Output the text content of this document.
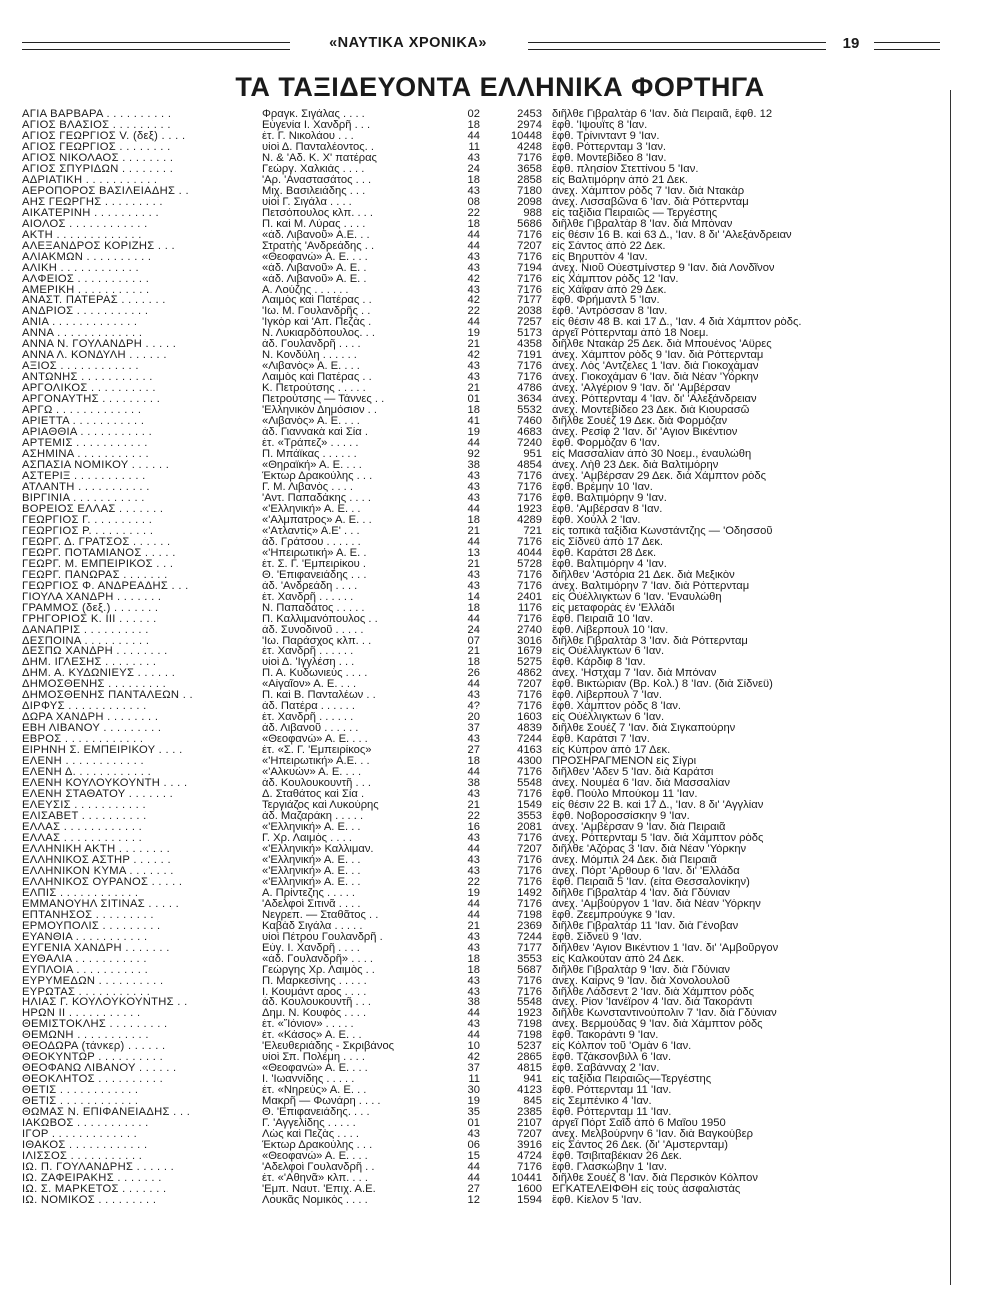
«ΝΑΥΤΙΚΑ ΧΡΟΝΙΚΑ»	19
ΤΑ ΤΑΞΙΔΕΥΟΝΤΑ ΕΛΛΗΝΙΚΑ ΦΟΡΤΗΓΑ
ΑΓΙΑ ΒΑΡΒΑΡΑ . . . . . . . . . .	Φραγκ. Σιγάλας . . . .	02	2453 διῆλθε Γιβραλτὰρ 6 'Ιαν. διὰ Πειραιᾶ, ἔφθ. 12
ΑΓΙΟΣ ΒΛΑΣΙΟΣ . . . . . . . . .	Εὐγενία Ι. Χανδρῆ . . .	18	2974 ἔφθ. 'Ιψουϊτς 8 'Ιαν.
ΑΓΙΟΣ ΓΕΩΡΓΙΟΣ V. (δεξ) . . . .	ἐτ. Γ. Νικολάου . . .	44	10448 ἔφθ. Τρίνινταντ 9 'Ιαν.
ΑΓΙΟΣ ΓΕΩΡΓΙΟΣ . . . . . . . .	υἱοὶ Δ. Πανταλέοντος. .	11	4248 ἔφθ. Ρόττερνταμ 3 'Ιαν.
ΑΓΙΟΣ ΝΙΚΟΛΑΟΣ . . . . . . . .	Ν. & 'Αδ. Κ. Χ' πατέρας	43	7176 ἔφθ. Μοντεβίδεο 8 'Ιαν.
ΑΓΙΟΣ ΣΠΥΡΙΔΩΝ . . . . . . . .	Γεώργ. Χαλκιάς . . . .	24	3658 ἔφθ. πλησίον Στεττίνου 5 'Ιαν.
ΑΔΡΙΑΤΙΚΗ . . . . . . . . . . .	'Αρ. 'Αναστασάτος . . .	18	2858 εἰς Βαλτιμόρην ἀπὸ 21 Δεκ.
ΑΕΡΟΠΟΡΟΣ ΒΑΣΙΛΕΙΑΔΗΣ . .	Μιχ. Βασιλειάδης . . .	43	7180 ἀνεχ. Χάμπτον ρὸδς 7 'Ιαν. διὰ Ντακὰρ
ΑΗΣ ΓΕΩΡΓΗΣ . . . . . . . . .	υἱοὶ Γ. Σιγάλα . . . .	08	2098 ἀνεχ. Λισσαβῶνα 6 'Ιαν. διὰ Ρόττερνταμ
ΑΙΚΑΤΕΡΙΝΗ . . . . . . . . . .	Πετσόπουλος κλπ. . . .	22	988 εἰς ταξίδια Πειραιῶς — Τεργέστης
ΑΙΟΛΟΣ . . . . . . . . . . . .	Π. καὶ Μ. Λύρας . . . .	18	5686 διῆλθε Γιβραλτὰρ 8 'Ιαν. διὰ Μπόναν
ΑΚΤΗ . . . . . . . . . . . . .	«ἀδ. Λιβανοῦ» Α.Ε. . .	44	7176 εἰς θέσιν 16 Β. καὶ 63 Δ., 'Ιαν. 8 δι' 'Αλεξάνδρειαν
ΑΛΕΞΑΝΔΡΟΣ ΚΟΡΙΖΗΣ . . .	Στρατὴς 'Ανδρεάδης . .	44	7207 εἰς Σάντος ἀπὸ 22 Δεκ.
ΑΛΙΑΚΜΩΝ . . . . . . . . . .	«Θεοφανώ» Α. Ε. . . .	43	7176 εἰς Βηρυττὸν 4 'Ιαν.
ΑΛΙΚΗ . . . . . . . . . . . .	«ἀδ. Λιβανοῦ» Α. Ε. .	43	7194 ἀνεχ. Νιοῦ Οὐεστμίνστερ 9 'Ιαν. διὰ Λονδῖνον
ΑΛΦΕΙΟΣ . . . . . . . . . . .	«ἀδ. Λιβανοῦ» Α. Ε. .	42	7176 εἰς Χάμπτον ρὸδς 12 'Ιαν.
ΑΜΕΡΙΚΗ . . . . . . . . . . .	Α. Λούζης . . . . . .	43	7176 εἰς Χάϊφαν ἀπὸ 29 Δεκ.
ΑΝΑΣΤ. ΠΑΤΕΡΑΣ . . . . . . .	Λαιμὸς καὶ Πατέρας . .	42	7177 ἔφθ. Φρήμαντλ 5 'Ιαν.
ΑΝΔΡΙΟΣ . . . . . . . . . . .	'Ιω. Μ. Γουλανδρῆς . .	22	2038 ἔφθ. 'Αντρόσσαν 8 'Ιαν.
ΑΝΙΑ . . . . . . . . . . . . .	'Ιγκὸρ καὶ 'Απ. Πεζὰς .	44	7257 εἰς θέσιν 48 Β. καὶ 17 Δ., 'Ιαν. 4 διὰ Χάμπτον ρὸδς.
ΑΝΝΑ . . . . . . . . . . . . .	Ν. Λυκιαρδόπουλος. . .	19	5173 ἀργεῖ Ρόττερνταμ ἀπὸ 18 Νοεμ.
ΑΝΝΑ Ν. ΓΟΥΛΑΝΔΡΗ . . . . .	ἀδ. Γουλανδρῆ . . . .	21	4358 διῆλθε Ντακὰρ 25 Δεκ. διὰ Μπουένος 'Αϋρες
ΑΝΝΑ Λ. ΚΟΝΔΥΛΗ . . . . . .	Ν. Κονδύλη . . . . . .	42	7191 ἀνεχ. Χάμπτον ρὸδς 9 'Ιαν. διὰ Ρόττερνταμ
ΑΞΙΟΣ . . . . . . . . . . . .	«Λιβανὸς» Α. Ε. . . .	43	7176 ἀνεχ. Λὸς 'Αντζελες 1 'Ιαν. διὰ Γιοκοχάμαν
ΑΝΤΩΝΗΣ . . . . . . . . . . .	Λαιμὸς καὶ Πατέρας . .	43	7176 ἀνεχ. Γιοκοχάμαν 6 'Ιαν. διὰ Νέαν 'Υόρκην
ΑΡΓΟΛΙΚΟΣ . . . . . . . . . .	Κ. Πετρούτσης . . . . .	21	4786 ἀνεχ. 'Αλγέριον 9 'Ιαν. δι' 'Αμβέρσαν
ΑΡΓΟΝΑΥΤΗΣ . . . . . . . . .	Πετρούτσης — Τάννες . .	01	3634 ἀνεχ. Ρόττερνταμ 4 'Ιαν. δι' 'Αλεξάνδρειαν
ΑΡΓΩ . . . . . . . . . . . . .	'Ελληνικὸν Δημόσιον . .	18	5532 ἀνεχ. Μοντεβίδεο 23 Δεκ. διὰ Κιουρασῶ
ΑΡΙΕΤΤΑ . . . . . . . . . . .	«Λιβανὸς» Α. Ε. . . .	41	7460 διῆλθε Σουέζ 19 Δεκ. διὰ Φορμόζαν
ΑΡΙΑΘΘΙΑ . . . . . . . . . . .	ἀδ. Γιαννακὰ καὶ Σία .	19	4683 ἀνεχ. Ρεσίφ 2 'Ιαν. δι' 'Αγιον Βικέντιον
ΑΡΤΕΜΙΣ . . . . . . . . . . .	ἐτ. «Τράπεζ» . . . . .	44	7240 ἔφθ. Φορμόζαν 6 'Ιαν.
ΑΣΗΜΙΝΑ . . . . . . . . . . .	Π. Μπάϊκας . . . . . .	92	951 εἰς Μασσαλίαν ἀπὸ 30 Νοεμ., ἐναυλώθη
ΑΣΠΑΣΙΑ ΝΟΜΙΚΟΥ . . . . . .	«Θηραϊκή» Α. Ε. . . .	38	4854 ἀνεχ. Λὴθ 23 Δεκ. διὰ Βαλτιμόρην
ΑΣΤΕΡΙΞ . . . . . . . . . . .	Έκτωρ Δρακούλης . . .	43	7176 ἀνεχ. 'Αμβέρσαν 29 Δεκ. διὰ Χάμπτον ρὸδς
ΑΤΛΑΝΤΗ . . . . . . . . . . .	Γ. Μ. Λιβανὸς . . . .	43	7176 ἔφθ. Βρέμην 10 'Ιαν.
ΒΙΡΓΙΝΙΑ . . . . . . . . . . .	'Αντ. Παπαδάκης . . . .	43	7176 ἔφθ. Βαλτιμόρην 9 'Ιαν.
ΒΟΡΕΙΟΣ ΕΛΛΑΣ . . . . . . .	«'Ελληνική» Α. Ε. . .	44	1923 ἔφθ. 'Αμβέρσαν 8 'Ιαν.
ΓΕΩΡΓΙΟΣ Γ. . . . . . . . . .	«'Αλμπατρος» Α. Ε. . .	18	4289 ἔφθ. Χοὺλλ 2 'Ιαν.
ΓΕΩΡΓΙΟΣ Ρ. . . . . . . . . .	«'Ατλαντίς» Α.Ε' . . .	21	721 εἰς τοπικὰ ταξίδια Κωνστάντζης — 'Οδησσοῦ
ΓΕΩΡΓ. Δ. ΓΡΑΤΣΟΣ . . . . . .	ἀδ. Γράτσου . . . . . .	44	7176 εἰς Σίδνεϋ ἀπὸ 17 Δεκ.
ΓΕΩΡΓ. ΠΟΤΑΜΙΑΝΟΣ . . . . .	«'Ηπειρωτική» Α. Ε. .	13	4044 ἔφθ. Καράτσι 28 Δεκ.
ΓΕΩΡΓ. Μ. ΕΜΠΕΙΡΙΚΟΣ . . .	ἐτ. Σ. Γ. 'Εμπειρίκου .	21	5728 ἔφθ. Βαλτιμόρην 4 'Ιαν.
ΓΕΩΡΓ. ΠΑΝΩΡΑΣ . . . . . . .	Θ. 'Επιφανειάδης . . .	43	7176 διῆλθεν 'Αστόρια 21 Δεκ. διὰ Μεξικὸν
ΓΕΩΡΓΙΟΣ Φ. ΑΝΔΡΕΑΔΗΣ . . .	ἀδ. 'Ανδρεάδη . . . .	43	7176 ἀνεχ. Βαλτιμόρην 7 'Ιαν. διὰ Ρόττερνταμ
ΓΙΟΥΛΑ ΧΑΝΔΡΗ . . . . . . .	ἐτ. Χανδρῆ . . . . . .	14	2401 εἰς Οὐέλλιγκτων 6 'Ιαν. 'Εναυλώθη
ΓΡΑΜΜΟΣ (δεξ.) . . . . . . .	Ν. Παπαδάτος . . . . .	18	1176 εἰς μεταφορὰς ἐν 'Ελλάδι
ΓΡΗΓΟΡΙΟΣ Κ. ΙΙΙ . . . . . .	Π. Καλλιμανόπουλος . .	44	7176 ἔφθ. Πειραιᾶ 10 'Ιαν.
ΔΑΝΑΠΡΙΣ . . . . . . . . . .	ἀδ. Συνοδινοῦ . . . . .	24	2740 ἔφθ. Λίβερπουλ 10 'Ιαν.
ΔΕΣΠΟΙΝΑ . . . . . . . . . .	'Ιω. Παράσχος κλπ. . .	07	3016 διῆλθε Γιβραλτὰρ 3 'Ιαν. διὰ Ρόττερνταμ
ΔΕΣΠΩ ΧΑΝΔΡΗ . . . . . . . .	ἐτ. Χανδρῆ . . . . . .	21	1679 εἰς Οὐέλλιγκτων 6 'Ιαν.
ΔΗΜ. ΙΓΛΕΣΗΣ . . . . . . . .	υἱοὶ Δ. 'Ιγγλέση . . .	18	5275 ἔφθ. Κάρδιφ 8 'Ιαν.
ΔΗΜ. Α. ΚΥΔΩΝΙΕΥΣ . . . . . .	Π. Α. Κυδωνιεὺς . . . .	26	4862 ἀνεχ. 'Ηστχαμ 7 'Ιαν. διὰ Μπόναν
ΔΗΜΟΣΘΕΝΗΣ . . . . . . . . .	«Αἰγαῖον» Α. Ε. . . .	44	7207 ἔφθ. Βικτώριαν (Βρ. Κολ.) 8 'Ιαν. (διὰ Σίδνεϋ)
ΔΗΜΟΣΘΕΝΗΣ ΠΑΝΤΑΛΕΩΝ . .	Π. καὶ Β. Πανταλέων . .	43	7176 ἔφθ. Λίβερπουλ 7 'Ιαν.
ΔΙΡΦΥΣ . . . . . . . . . . . .	ἀδ. Πατέρα . . . . . .	4?	7176 ἔφθ. Χάμπτον ρὸδς 8 'Ιαν.
ΔΩΡΑ ΧΑΝΔΡΗ . . . . . . . .	ἐτ. Χανδρῆ . . . . . .	20	1603 εἰς Οὐέλλιγκτων 6 'Ιαν.
ΕΒΗ ΛΙΒΑΝΟΥ . . . . . . . . .	ἀδ. Λιβανοῦ . . . . . .	37	4839 διῆλθε Σουέζ 7 'Ιαν. διὰ Σιγκαπούρην
ΕΒΡΟΣ . . . . . . . . . . . .	«Θεοφανώ» Α. Ε. . . .	43	7244 ἔφθ. Καράτσι 7 'Ιαν.
ΕΙΡΗΝΗ Σ. ΕΜΠΕΙΡΙΚΟΥ . . . .	ἐτ. «Σ. Γ. 'Εμπειρίκος»	27	4163 εἰς Κύπρον ἀπὸ 17 Δεκ.
ΕΛΕΝΗ . . . . . . . . . . . .	«'Ηπειρωτική» Α.Ε. . .	18	4300 ΠΡΟΣΗΡΑΓΜΕΝΟΝ εἰς Σίγρι
ΕΛΕΝΗ Δ. . . . . . . . . . . .	«'Αλκυών» Α. Ε. . . .	44	7176 διῆλθεν 'Αδεν 5 'Ιαν. διὰ Καράτσι
ΕΛΕΝΗ ΚΟΥΛΟΥΚΟΥΝΤΗ . . . .	ἀδ. Κουλουκουντῆ . . .	38	5548 ἀνεχ. Νουμέα 6 'Ιαν. διὰ Μασσαλίαν
ΕΛΕΝΗ ΣΤΑΘΑΤΟΥ . . . . . . .	Δ. Σταθάτος καὶ Σία .	43	7176 ἔφθ. Πούλο Μπούκομ 11 'Ιαν.
ΕΛΕΥΣΙΣ . . . . . . . . . . .	Τεργιάζος καὶ Λυκούρης	21	1549 εἰς θέσιν 22 Β. καὶ 17 Δ., 'Ιαν. 8 δι' 'Αγγλίαν
ΕΛΙΣΑΒΕΤ . . . . . . . . . .	ἀδ. Μαζαράκη . . . . .	22	3553 ἔφθ. Νοβοροσσίσκην 9 'Ιαν.
ΕΛΛΑΣ . . . . . . . . . . . .	«'Ελληνική» Α. Ε. . .	16	2081 ἀνεχ. 'Αμβέρσαν 9 'Ιαν. διὰ Πειραιᾶ
ΕΛΛΑΣ . . . . . . . . . . . .	Γ. Χρ. Λαιμὸς . . . .	43	7176 ἀνεχ. Ρόττερνταμ 5 'Ιαν. διὰ Χάμπτον ρὸδς
ΕΛΛΗΝΙΚΗ ΑΚΤΗ . . . . . . . .	«'Ελληνική» Καλλιμαν.	44	7207 διῆλθε 'Αζόρας 3 'Ιαν. διὰ Νέαν 'Υόρκην
ΕΛΛΗΝΙΚΟΣ ΑΣΤΗΡ . . . . . .	«'Ελληνική» Α. Ε. . .	43	7176 ἀνεχ. Μόμπιλ 24 Δεκ. διὰ Πειραιᾶ
ΕΛΛΗΝΙΚΟΝ ΚΥΜΑ . . . . . . .	«'Ελληνική» Α. Ε. . .	43	7176 ἀνεχ. Πόρτ 'Αρθουρ 6 'Ιαν. δι' 'Ελλάδα
ΕΛΛΗΝΙΚΟΣ ΟΥΡΑΝΟΣ . . . . .	«'Ελληνική» Α. Ε. . .	22	7176 ἔφθ. Πειραιᾶ 5 'Ιαν. (εἶτα Θεσσαλονίκην)
ΕΛΠΙΣ . . . . . . . . . . . .	Α. Πρίντεζης . . . . .	19	1492 διῆλθε Γιβραλτὰρ 4 'Ιαν. διὰ Γδύνιαν
ΕΜΜΑΝΟΥΗΛ ΣΙΤΙΝΑΣ . . . . .	'Αδελφοὶ Σιτινᾶ . . . .	44	7176 ἀνεχ. 'Αμβούργον 1 'Ιαν. διὰ Νέαν 'Υόρκην
ΕΠΤΑΝΗΣΟΣ . . . . . . . . .	Νεγρεπ. — Σταθᾶτος . .	44	7198 ἔφθ. Ζεεμπρούγκε 9 'Ιαν.
ΕΡΜΟΥΠΟΛΙΣ . . . . . . . . .	Καβὰδ Σιγάλα . . . . .	21	2369 διῆλθε Γιβραλτὰρ 11 'Ιαν. διὰ Γένοβαν
ΕΥΑΝΘΙΑ . . . . . . . . . . .	υἱοὶ Πέτρου Γουλανδρῆ .	43	7244 ἔφθ. Σίδνεϋ 9 'Ιαν.
ΕΥΓΕΝΙΑ ΧΑΝΔΡΗ . . . . . . .	Εὐγ. Ι. Χανδρῆ . . . .	43	7177 διῆλθεν 'Αγιον Βικέντιον 1 'Ιαν. δι' 'Αμβοῦργον
ΕΥΘΑΛΙΑ . . . . . . . . . . .	«ἀδ. Γουλανδρῆ» . . . .	18	3553 εἰς Καλκούταν ἀπὸ 24 Δεκ.
ΕΥΠΛΟΙΑ . . . . . . . . . . .	Γεώργης Χρ. Λαιμὸς . .	18	5687 διῆλθε Γιβραλτὰρ 9 'Ιαν. διὰ Γδύνιαν
ΕΥΡΥΜΕΔΩΝ . . . . . . . . . .	Π. Μαρκεσίνης . . . . .	43	7176 ἀνεχ. Καίρνς 9 'Ιαν. διὰ Χονολουλοῦ
ΕΥΡΩΤΑΣ . . . . . . . . . . .	Ι. Κουμάντ αρος . . . .	43	7176 διῆλθε Λάδσεντ 2 'Ιαν. διὰ Χάμπτον ρὸδς
ΗΛΙΑΣ Γ. ΚΟΥΛΟΥΚΟΥΝΤΗΣ . .	ἀδ. Κουλουκουντῆ . . .	38	5548 ἀνεχ. Ρίον 'Ιανέϊρον 4 'Ιαν. διὰ Τακοράντι
ΗΡΩΝ ΙΙ . . . . . . . . . . .	Δημ. Ν. Κουφὸς . . . .	44	1923 διῆλθε Κωνσταντινούπολιν 7 'Ιαν. διὰ Γδύνιαν
ΘΕΜΙΣΤΟΚΛΗΣ . . . . . . . . .	ἐτ. «Ἴόνιον» . . . . .	43	7198 ἀνεχ. Βερμούδας 9 'Ιαν. διὰ Χάμπτον ρὸδς
ΘΕΜΩΝΗ . . . . . . . . . . .	ἐτ. «Κάσος» Α. Ε. . .	44	7198 ἔφθ. Τακοράντι 9 'Ιαν.
ΘΕΟΔΩΡΑ (τάνκερ) . . . . . .	'Ελευθεριάδης - Σκριβάνος	10	5237 εἰς Κόλπον τοῦ 'Ομὰν 6 'Ιαν.
ΘΕΟΚΥΝΤΩΡ . . . . . . . . . .	υἱοὶ Σπ. Πολέμη . . . .	42	2865 ἔφθ. Τζάκσονβιλλ 6 'Ιαν.
ΘΕΟΦΑΝΩ ΛΙΒΑΝΟΥ . . . . . .	«Θεοφανώ» Α. Ε. . . .	37	4815 ἔφθ. Σαβάνναχ 2 'Ιαν.
ΘΕΟΚΛΗΤΟΣ . . . . . . . . . .	Ι. 'Ιωαννίδης . . . . .	11	941 εἰς ταξίδια Πειραιῶς—Τεργέστης
ΘΕΤΙΣ . . . . . . . . . . . .	ἐτ. «Νηρεύς» Α. Ε. . .	30	4123 ἔφθ. Ρόττερνταμ 11 'Ιαν.
ΘΕΤΙΣ . . . . . . . . . . . .	Μακρῆ — Φωνάρη . . . .	19	845 εἰς Σεμπένικο 4 'Ιαν.
ΘΩΜΑΣ Ν. ΕΠΙΦΑΝΕΙΑΔΗΣ . . .	Θ. 'Επιφανειάδης. . . .	35	2385 ἔφθ. Ρόττερνταμ 11 'Ιαν.
ΙΑΚΩΒΟΣ . . . . . . . . . . .	Γ. 'Αγγελίδης . . . . .	01	2107 ἀργεῖ Πόρτ Σαΐδ ἀπὸ 6 Μαΐου 1950
ΙΓΟΡ . . . . . . . . . . . . .	Λὼς καὶ Πεζὰς . . . .	43	7207 ἀνεχ. Μελβούρνην 6 'Ιαν. διὰ Βαγκούβερ
ΙΘΑΚΟΣ . . . . . . . . . . . .	Έκτωρ Δρακούλης . . .	06	3916 εἰς Σάντος 26 Δεκ. (δι' 'Αμστερνταμ)
ΙΛΙΣΣΟΣ . . . . . . . . . . .	«Θεοφανώ» Α. Ε. . . .	15	4724 ἔφθ. Τσιβιταβέκιαν 26 Δεκ.
ΙΩ. Π. ΓΟΥΛΑΝΔΡΗΣ . . . . . .	'Αδελφοὶ Γουλανδρῆ . .	44	7176 ἔφθ. Γλασκώβην 1 'Ιαν.
ΙΩ. ΖΑΦΕΙΡΑΚΗΣ . . . . . . .	ἐτ. «'Αθηνᾶ» κλπ. . . .	44	10441 διῆλθε Σουέζ 8 'Ιαν. διὰ Περσικὸν Κόλπον
ΙΩ. Σ. ΜΑΡΚΕΤΟΣ . . . . . . .	'Εμπ. Ναυτ. 'Επιχ. Α.Ε.	27	1600 ΕΓΚΑΤΕΛΕΙΦΘΗ εἰς τοὺς ἀσφαλιστὰς
ΙΩ. ΝΟΜΙΚΟΣ . . . . . . . . .	Λουκᾶς Νομικὸς . . . .	12	1594 ἔφθ. Κίελον 5 'Ιαν.
